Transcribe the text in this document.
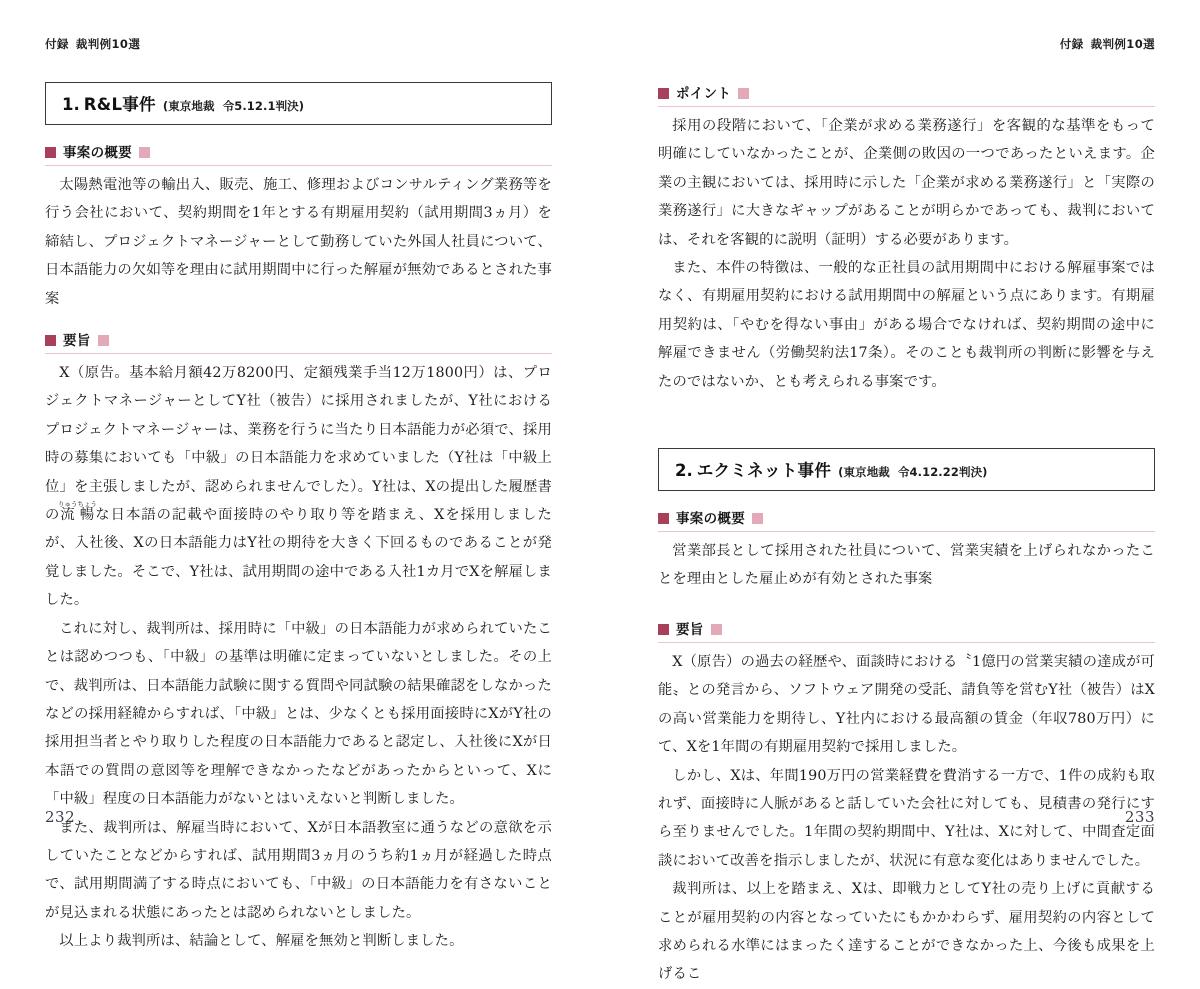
付録 裁判例10選
1. R&L事件 (東京地裁 令5.12.1判決)
事案の概要

太陽熱電池等の輸出入、販売、施工、修理およびコンサルティング業務等を行う会社において、契約期間を1年とする有期雇用契約（試用期間3ヵ月）を締結し、プロジェクトマネージャーとして勤務していた外国人社員について、日本語能力の欠如等を理由に試用期間中に行った解雇が無効であるとされた事案

要旨

X（原告。基本給月額42万8200円、定額残業手当12万1800円）は、プロジェクトマネージャーとしてY社（被告）に採用されましたが、Y社におけるプロジェクトマネージャーは、業務を行うに当たり日本語能力が必須で、採用時の募集においても「中級」の日本語能力を求めていました（Y社は「中級上位」を主張しましたが、認められませんでした）。Y社は、Xの提出した履歴書の流りゅう暢ちょうな日本語の記載や面接時のやり取り等を踏まえ、Xを採用しましたが、入社後、Xの日本語能力はY社の期待を大きく下回るものであることが発覚しました。そこで、Y社は、試用期間の途中である入社1カ月でXを解雇しました。

これに対し、裁判所は、採用時に「中級」の日本語能力が求められていたことは認めつつも、「中級」の基準は明確に定まっていないとしました。その上で、裁判所は、日本語能力試験に関する質問や同試験の結果確認をしなかったなどの採用経緯からすれば、「中級」とは、少なくとも採用面接時にXがY社の採用担当者とやり取りした程度の日本語能力であると認定し、入社後にXが日本語での質問の意図等を理解できなかったなどがあったからといって、Xに「中級」程度の日本語能力がないとはいえないと判断しました。

また、裁判所は、解雇当時において、Xが日本語教室に通うなどの意欲を示していたことなどからすれば、試用期間3ヵ月のうち約1ヵ月が経過した時点で、試用期間満了する時点においても、「中級」の日本語能力を有さないことが見込まれる状態にあったとは認められないとしました。

以上より裁判所は、結論として、解雇を無効と判断しました。

232
付録 裁判例10選
ポイント

採用の段階において、「企業が求める業務遂行」を客観的な基準をもって明確にしていなかったことが、企業側の敗因の一つであったといえます。企業の主観においては、採用時に示した「企業が求める業務遂行」と「実際の業務遂行」に大きなギャップがあることが明らかであっても、裁判においては、それを客観的に説明（証明）する必要があります。

また、本件の特徴は、一般的な正社員の試用期間中における解雇事案ではなく、有期雇用契約における試用期間中の解雇という点にあります。有期雇用契約は、「やむを得ない事由」がある場合でなければ、契約期間の途中に解雇できません（労働契約法17条）。そのことも裁判所の判断に影響を与えたのではないか、とも考えられる事案です。

2. エクミネット事件 (東京地裁 令4.12.22判決)
事案の概要

営業部長として採用された社員について、営業実績を上げられなかったことを理由とした雇止めが有効とされた事案

要旨

X（原告）の過去の経歴や、面談時における〝1億円の営業実績の達成が可能〟との発言から、ソフトウェア開発の受託、請負等を営むY社（被告）はXの高い営業能力を期待し、Y社内における最高額の賃金（年収780万円）にて、Xを1年間の有期雇用契約で採用しました。

しかし、Xは、年間190万円の営業経費を費消する一方で、1件の成約も取れず、面接時に人脈があると話していた会社に対しても、見積書の発行にすら至りませんでした。1年間の契約期間中、Y社は、Xに対して、中間査定面談において改善を指示しましたが、状況に有意な変化はありませんでした。

裁判所は、以上を踏まえ、Xは、即戦力としてY社の売り上げに貢献することが雇用契約の内容となっていたにもかかわらず、雇用契約の内容として求められる水準にはまったく達することができなかった上、今後も成果を上げるこ

233
